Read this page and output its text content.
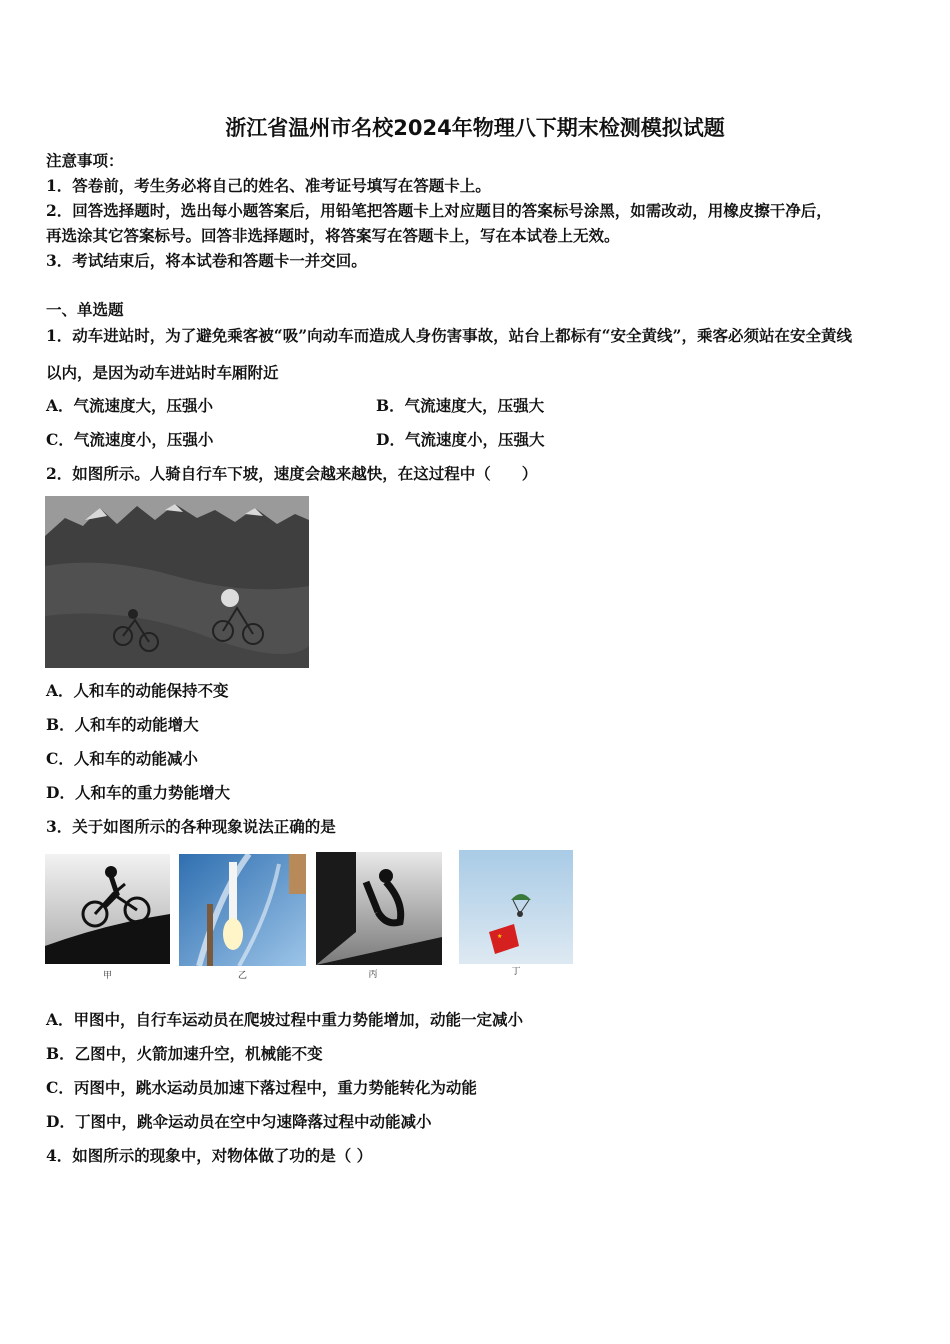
浙江省温州市名校2024年物理八下期末检测模拟试题
注意事项：
1．答卷前，考生务必将自己的姓名、准考证号填写在答题卡上。
2．回答选择题时，选出每小题答案后，用铅笔把答题卡上对应题目的答案标号涂黑，如需改动，用橡皮擦干净后，
再选涂其它答案标号。回答非选择题时，将答案写在答题卡上，写在本试卷上无效。
3．考试结束后，将本试卷和答题卡一并交回。
一、单选题
1．动车进站时，为了避免乘客被“吸”向动车而造成人身伤害事故，站台上都标有“安全黄线”，乘客必须站在安全黄线
以内，是因为动车进站时车厢附近
A．气流速度大，压强小	B．气流速度大，压强大
C．气流速度小，压强小	D．气流速度小，压强大
2．如图所示。人骑自行车下坡，速度会越来越快，在这过程中（　　）
A．人和车的动能保持不变
B．人和车的动能增大
C．人和车的动能减小
D．人和车的重力势能增大
3．关于如图所示的各种现象说法正确的是
★
甲	乙	丙	丁
A．甲图中，自行车运动员在爬坡过程中重力势能增加，动能一定减小
B．乙图中，火箭加速升空，机械能不变
C．丙图中，跳水运动员加速下落过程中，重力势能转化为动能
D．丁图中，跳伞运动员在空中匀速降落过程中动能减小
4．如图所示的现象中，对物体做了功的是（ ）
